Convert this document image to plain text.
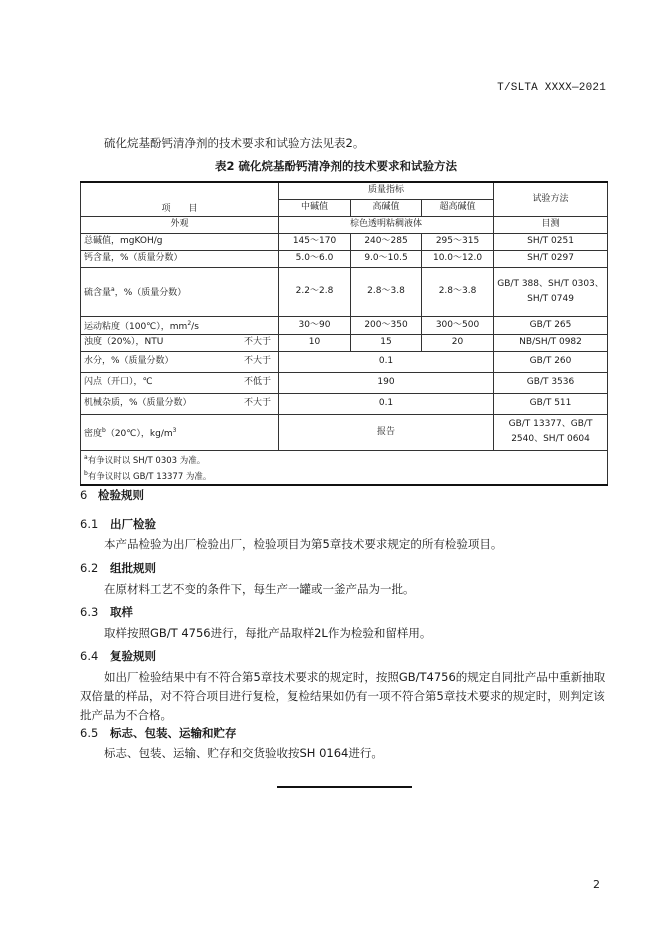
T/SLTA XXXX—2021
硫化烷基酚钙清净剂的技术要求和试验方法见表2。
表2 硫化烷基酚钙清净剂的技术要求和试验方法
项　　目	质量指标			试验方法
	中碱值	高碱值	超高碱值	
外观	棕色透明粘稠液体			目测
总碱值，mgKOH/g	145～170	240～285	295～315	SH/T 0251
钙含量，%（质量分数）	5.0～6.0	9.0～10.5	10.0～12.0	SH/T 0297
硫含量$^a$，%（质量分数）	2.2～2.8	2.8～3.8	2.8～3.8	GB/T 388、SH/T 0303、
SH/T 0749

运动粘度（100℃），$mm^2/s$	30～90	200～350	300～500	GB/T 265
浊度（20%），NTU 不大于	10	15	20	NB/SH/T 0982
水分，%（质量分数） 不大于	0.1			GB/T 260
闪点（开口），℃ 不低于	190			GB/T 3536
机械杂质，%（质量分数） 不大于	0.1			GB/T 511
密度$^b$（20℃），$kg/m^3$	报告			GB/T 13377、GB/T
2540、SH/T 0604

$^a$有争议时以 SH/T 0303 为准。				
$^b$有争议时以 GB/T 13377 为准。				
6 检验规则
6.1 出厂检验
本产品检验为出厂检验出厂，检验项目为第5章技术要求规定的所有检验项目。
6.2 组批规则
在原材料工艺不变的条件下，每生产一罐或一釜产品为一批。
6.3 取样
取样按照GB/T 4756进行，每批产品取样2L作为检验和留样用。
6.4 复验规则
如出厂检验结果中有不符合第5章技术要求的规定时，按照GB/T4756的规定自同批产品中重新抽取双倍量的样品，对不符合项目进行复检，复检结果如仍有一项不符合第5章技术要求的规定时，则判定该批产品为不合格。
6.5 标志、包装、运输和贮存
标志、包装、运输、贮存和交货验收按SH 0164进行。
2
